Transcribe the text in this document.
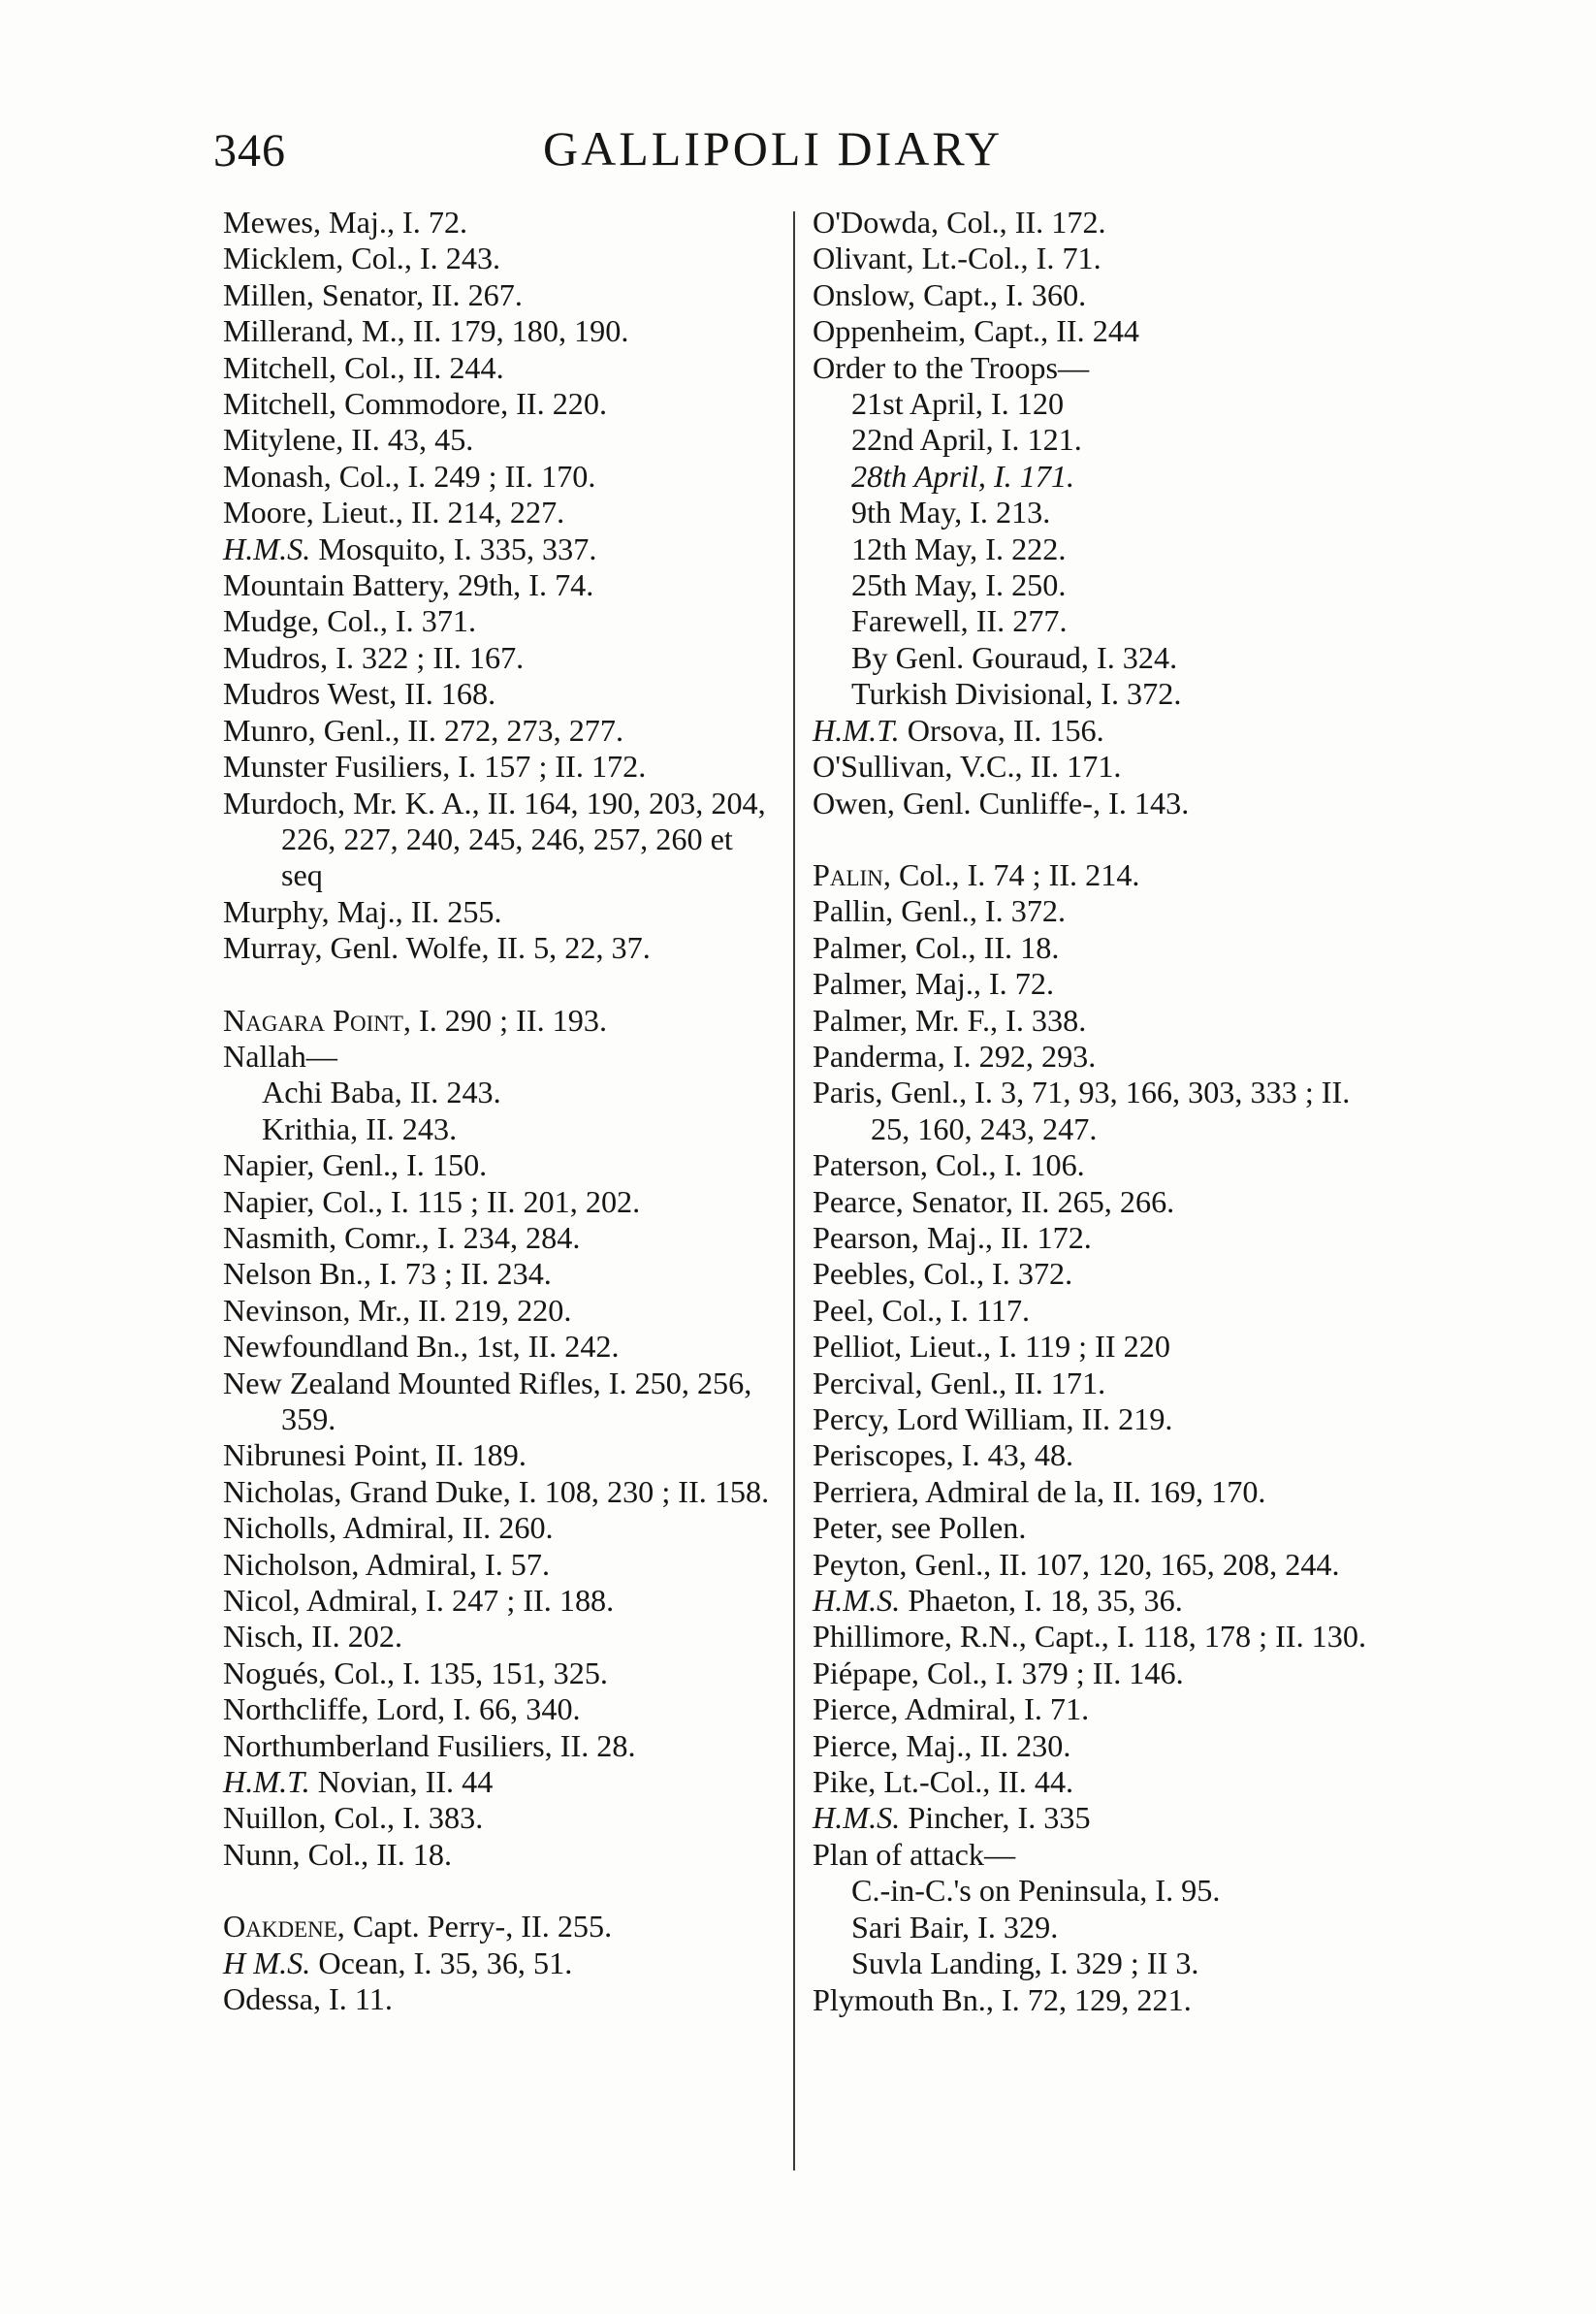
346	GALLIPOLI DIARY
Mewes, Maj., I. 72.
Micklem, Col., I. 243.
Millen, Senator, II. 267.
Millerand, M., II. 179, 180, 190.
Mitchell, Col., II. 244.
Mitchell, Commodore, II. 220.
Mitylene, II. 43, 45.
Monash, Col., I. 249 ; II. 170.
Moore, Lieut., II. 214, 227.
H.M.S. Mosquito, I. 335, 337.
Mountain Battery, 29th, I. 74.
Mudge, Col., I. 371.
Mudros, I. 322 ; II. 167.
Mudros West, II. 168.
Munro, Genl., II. 272, 273, 277.
Munster Fusiliers, I. 157 ; II. 172.
Murdoch, Mr. K. A., II. 164, 190, 203, 204, 226, 227, 240, 245, 246, 257, 260 et seq
Murphy, Maj., II. 255.
Murray, Genl. Wolfe, II. 5, 22, 37.
Nagara Point, I. 290 ; II. 193.
Nallah—
Achi Baba, II. 243.
Krithia, II. 243.
Napier, Genl., I. 150.
Napier, Col., I. 115 ; II. 201, 202.
Nasmith, Comr., I. 234, 284.
Nelson Bn., I. 73 ; II. 234.
Nevinson, Mr., II. 219, 220.
Newfoundland Bn., 1st, II. 242.
New Zealand Mounted Rifles, I. 250, 256, 359.
Nibrunesi Point, II. 189.
Nicholas, Grand Duke, I. 108, 230 ; II. 158.
Nicholls, Admiral, II. 260.
Nicholson, Admiral, I. 57.
Nicol, Admiral, I. 247 ; II. 188.
Nisch, II. 202.
Nogués, Col., I. 135, 151, 325.
Northcliffe, Lord, I. 66, 340.
Northumberland Fusiliers, II. 28.
H.M.T. Novian, II. 44
Nuillon, Col., I. 383.
Nunn, Col., II. 18.
Oakdene, Capt. Perry-, II. 255.
H M.S. Ocean, I. 35, 36, 51.
Odessa, I. 11.
O'Dowda, Col., II. 172.
Olivant, Lt.-Col., I. 71.
Onslow, Capt., I. 360.
Oppenheim, Capt., II. 244
Order to the Troops—
21st April, I. 120
22nd April, I. 121.
28th April, I. 171.
9th May, I. 213.
12th May, I. 222.
25th May, I. 250.
Farewell, II. 277.
By Genl. Gouraud, I. 324.
Turkish Divisional, I. 372.
H.M.T. Orsova, II. 156.
O'Sullivan, V.C., II. 171.
Owen, Genl. Cunliffe-, I. 143.
Palin, Col., I. 74 ; II. 214.
Pallin, Genl., I. 372.
Palmer, Col., II. 18.
Palmer, Maj., I. 72.
Palmer, Mr. F., I. 338.
Panderma, I. 292, 293.
Paris, Genl., I. 3, 71, 93, 166, 303, 333 ; II. 25, 160, 243, 247.
Paterson, Col., I. 106.
Pearce, Senator, II. 265, 266.
Pearson, Maj., II. 172.
Peebles, Col., I. 372.
Peel, Col., I. 117.
Pelliot, Lieut., I. 119 ; II 220
Percival, Genl., II. 171.
Percy, Lord William, II. 219.
Periscopes, I. 43, 48.
Perriera, Admiral de la, II. 169, 170.
Peter, see Pollen.
Peyton, Genl., II. 107, 120, 165, 208, 244.
H.M.S. Phaeton, I. 18, 35, 36.
Phillimore, R.N., Capt., I. 118, 178 ; II. 130.
Piépape, Col., I. 379 ; II. 146.
Pierce, Admiral, I. 71.
Pierce, Maj., II. 230.
Pike, Lt.-Col., II. 44.
H.M.S. Pincher, I. 335
Plan of attack—
C.-in-C.'s on Peninsula, I. 95.
Sari Bair, I. 329.
Suvla Landing, I. 329 ; II 3.
Plymouth Bn., I. 72, 129, 221.
